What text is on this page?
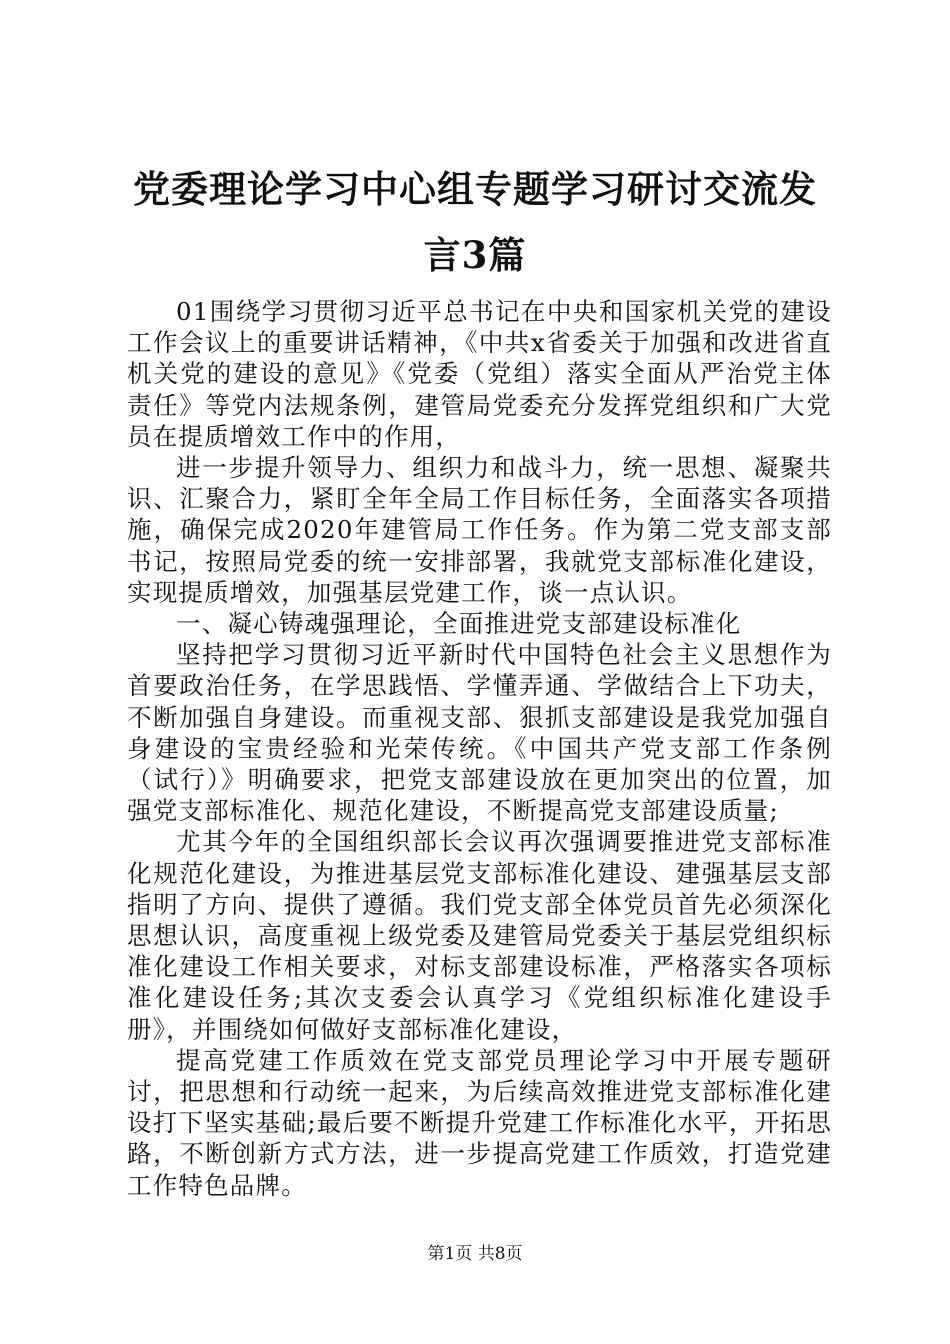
党委理论学习中心组专题学习研讨交流发言3篇

01围绕学习贯彻习近平总书记在中央和国家机关党的建设工作会议上的重要讲话精神，《中共x省委关于加强和改进省直机关党的建设的意见》《党委（党组）落实全面从严治党主体责任》等党内法规条例，建管局党委充分发挥党组织和广大党员在提质增效工作中的作用，

进一步提升领导力、组织力和战斗力，统一思想、凝聚共识、汇聚合力，紧盯全年全局工作目标任务，全面落实各项措施，确保完成2020年建管局工作任务。作为第二党支部支部书记，按照局党委的统一安排部署，我就党支部标准化建设，实现提质增效，加强基层党建工作，谈一点认识。

一、凝心铸魂强理论，全面推进党支部建设标准化

坚持把学习贯彻习近平新时代中国特色社会主义思想作为首要政治任务，在学思践悟、学懂弄通、学做结合上下功夫，不断加强自身建设。而重视支部、狠抓支部建设是我党加强自身建设的宝贵经验和光荣传统。《中国共产党支部工作条例（试行）》明确要求，把党支部建设放在更加突出的位置，加强党支部标准化、规范化建设，不断提高党支部建设质量;

尤其今年的全国组织部长会议再次强调要推进党支部标准化规范化建设，为推进基层党支部标准化建设、建强基层支部指明了方向、提供了遵循。我们党支部全体党员首先必须深化思想认识，高度重视上级党委及建管局党委关于基层党组织标准化建设工作相关要求，对标支部建设标准，严格落实各项标准化建设任务;其次支委会认真学习《党组织标准化建设手册》，并围绕如何做好支部标准化建设，

提高党建工作质效在党支部党员理论学习中开展专题研讨，把思想和行动统一起来，为后续高效推进党支部标准化建设打下坚实基础;最后要不断提升党建工作标准化水平，开拓思路，不断创新方式方法，进一步提高党建工作质效，打造党建工作特色品牌。

第1页 共8页
